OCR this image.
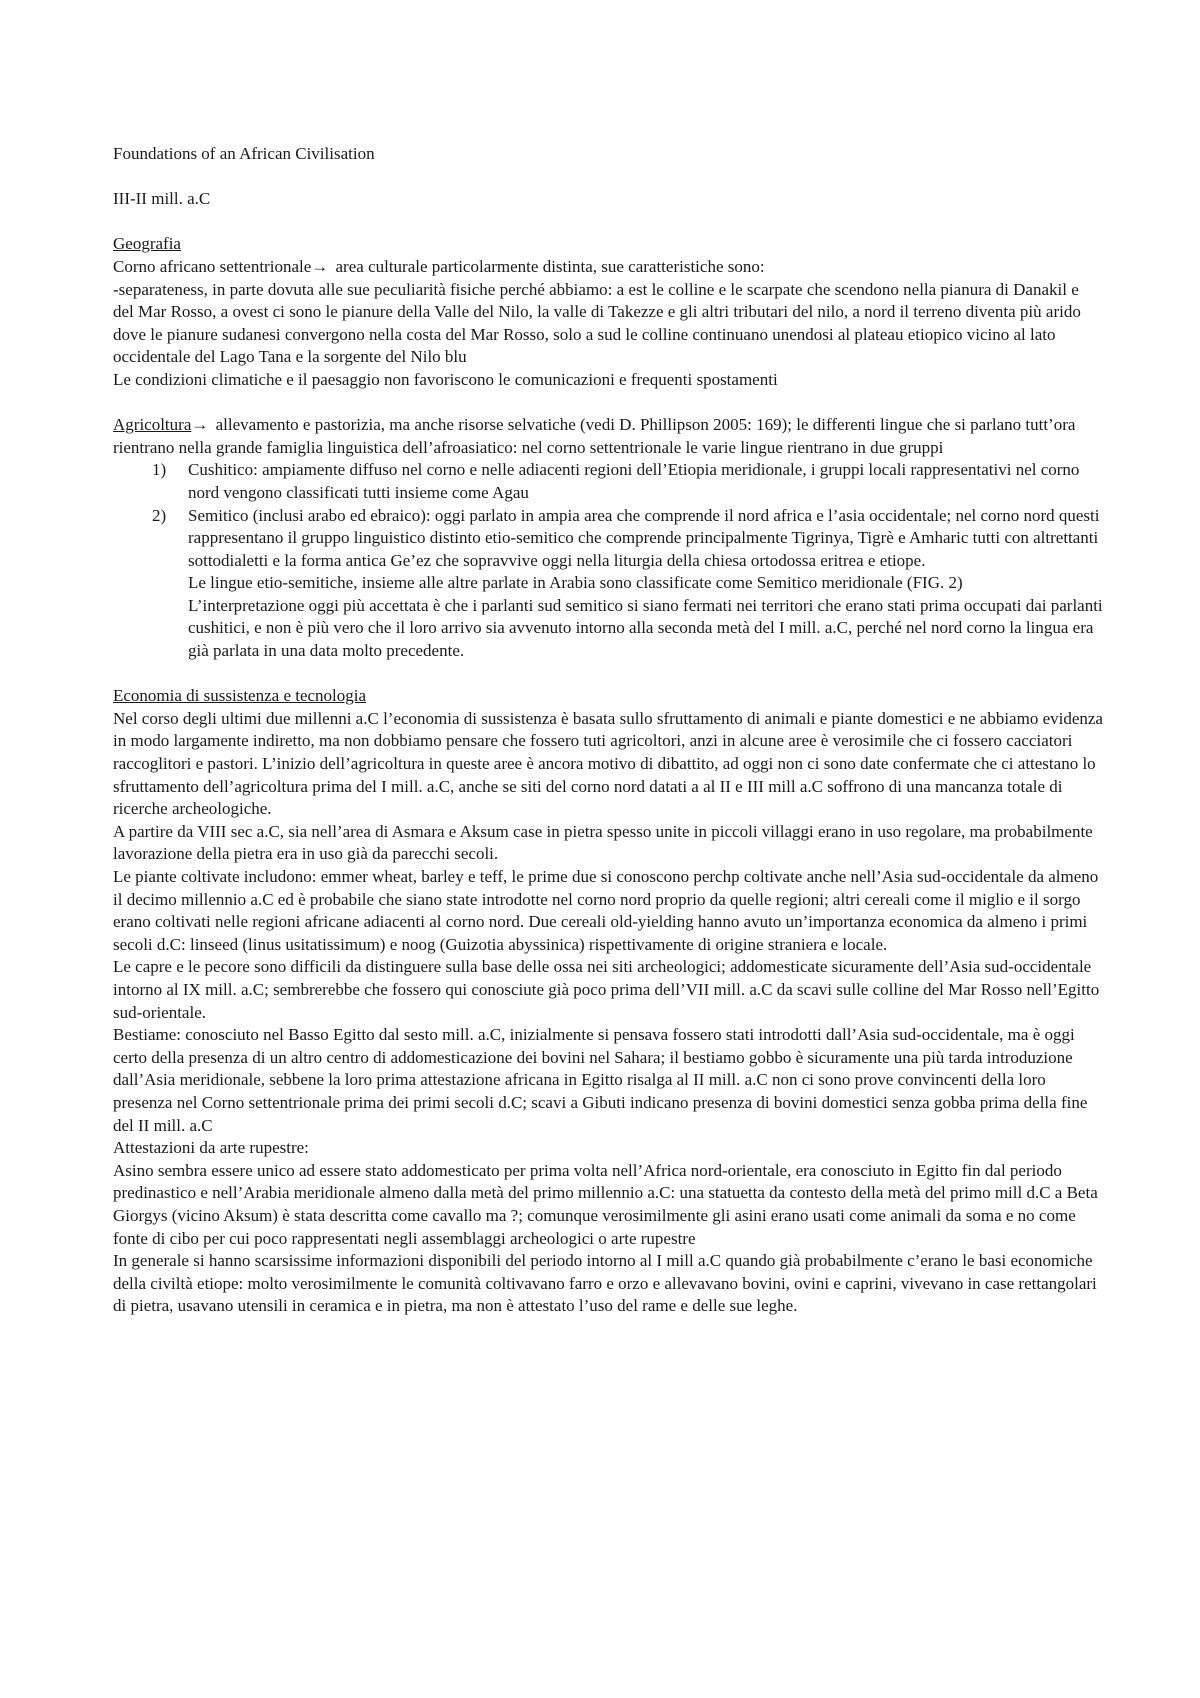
Foundations of an African Civilisation

III-II mill. a.C

Geografia

Corno africano settentrionale→ area culturale particolarmente distinta, sue caratteristiche sono:

-separateness, in parte dovuta alle sue peculiarità fisiche perché abbiamo: a est le colline e le scarpate che scendono nella pianura di Danakil e del Mar Rosso, a ovest ci sono le pianure della Valle del Nilo, la valle di Takezze e gli altri tributari del nilo, a nord il terreno diventa più arido dove le pianure sudanesi convergono nella costa del Mar Rosso, solo a sud le colline continuano unendosi al plateau etiopico vicino al lato occidentale del Lago Tana e la sorgente del Nilo blu

Le condizioni climatiche e il paesaggio non favoriscono le comunicazioni e frequenti spostamenti

Agricoltura→ allevamento e pastorizia, ma anche risorse selvatiche (vedi D. Phillipson 2005: 169); le differenti lingue che si parlano tutt’ora rientrano nella grande famiglia linguistica dell’afroasiatico: nel corno settentrionale le varie lingue rientrano in due gruppi

1) Cushitico: ampiamente diffuso nel corno e nelle adiacenti regioni dell’Etiopia meridionale, i gruppi locali rappresentativi nel corno nord vengono classificati tutti insieme come Agau

2) Semitico (inclusi arabo ed ebraico): oggi parlato in ampia area che comprende il nord africa e l’asia occidentale; nel corno nord questi rappresentano il gruppo linguistico distinto etio-semitico che comprende principalmente Tigrinya, Tigrè e Amharic tutti con altrettanti sottodialetti e la forma antica Ge’ez che sopravvive oggi nella liturgia della chiesa ortodossa eritrea e etiope.

Le lingue etio-semitiche, insieme alle altre parlate in Arabia sono classificate come Semitico meridionale (FIG. 2)

L’interpretazione oggi più accettata è che i parlanti sud semitico si siano fermati nei territori che erano stati prima occupati dai parlanti cushitici, e non è più vero che il loro arrivo sia avvenuto intorno alla seconda metà del I mill. a.C, perché nel nord corno la lingua era già parlata in una data molto precedente.

Economia di sussistenza e tecnologia

Nel corso degli ultimi due millenni a.C l’economia di sussistenza è basata sullo sfruttamento di animali e piante domestici e ne abbiamo evidenza in modo largamente indiretto, ma non dobbiamo pensare che fossero tuti agricoltori, anzi in alcune aree è verosimile che ci fossero cacciatori raccoglitori e pastori. L’inizio dell’agricoltura in queste aree è ancora motivo di dibattito, ad oggi non ci sono date confermate che ci attestano lo sfruttamento dell’agricoltura prima del I mill. a.C, anche se siti del corno nord datati a al II e III mill a.C soffrono di una mancanza totale di ricerche archeologiche.

A partire da VIII sec a.C, sia nell’area di Asmara e Aksum case in pietra spesso unite in piccoli villaggi erano in uso regolare, ma probabilmente lavorazione della pietra era in uso già da parecchi secoli.

Le piante coltivate includono: emmer wheat, barley e teff, le prime due si conoscono perchp coltivate anche nell’Asia sud-occidentale da almeno il decimo millennio a.C ed è probabile che siano state introdotte nel corno nord proprio da quelle regioni; altri cereali come il miglio e il sorgo erano coltivati nelle regioni africane adiacenti al corno nord. Due cereali old-yielding hanno avuto un’importanza economica da almeno i primi secoli d.C: linseed (linus usitatissimum) e noog (Guizotia abyssinica) rispettivamente di origine straniera e locale.

Le capre e le pecore sono difficili da distinguere sulla base delle ossa nei siti archeologici; addomesticate sicuramente dell’Asia sud-occidentale intorno al IX mill. a.C; sembrerebbe che fossero qui conosciute già poco prima dell’VII mill. a.C da scavi sulle colline del Mar Rosso nell’Egitto sud-orientale.

Bestiame: conosciuto nel Basso Egitto dal sesto mill. a.C, inizialmente si pensava fossero stati introdotti dall’Asia sud-occidentale, ma è oggi certo della presenza di un altro centro di addomesticazione dei bovini nel Sahara; il bestiamo gobbo è sicuramente una più tarda introduzione dall’Asia meridionale, sebbene la loro prima attestazione africana in Egitto risalga al II mill. a.C non ci sono prove convincenti della loro presenza nel Corno settentrionale prima dei primi secoli d.C; scavi a Gibuti indicano presenza di bovini domestici senza gobba prima della fine del II mill. a.C

Attestazioni da arte rupestre:

Asino sembra essere unico ad essere stato addomesticato per prima volta nell’Africa nord-orientale, era conosciuto in Egitto fin dal periodo predinastico e nell’Arabia meridionale almeno dalla metà del primo millennio a.C: una statuetta da contesto della metà del primo mill d.C a Beta Giorgys (vicino Aksum) è stata descritta come cavallo ma ?; comunque verosimilmente gli asini erano usati come animali da soma e no come fonte di cibo per cui poco rappresentati negli assemblaggi archeologici o arte rupestre

In generale si hanno scarsissime informazioni disponibili del periodo intorno al I mill a.C quando già probabilmente c’erano le basi economiche della civiltà etiope: molto verosimilmente le comunità coltivavano farro e orzo e allevavano bovini, ovini e caprini, vivevano in case rettangolari di pietra, usavano utensili in ceramica e in pietra, ma non è attestato l’uso del rame e delle sue leghe.
